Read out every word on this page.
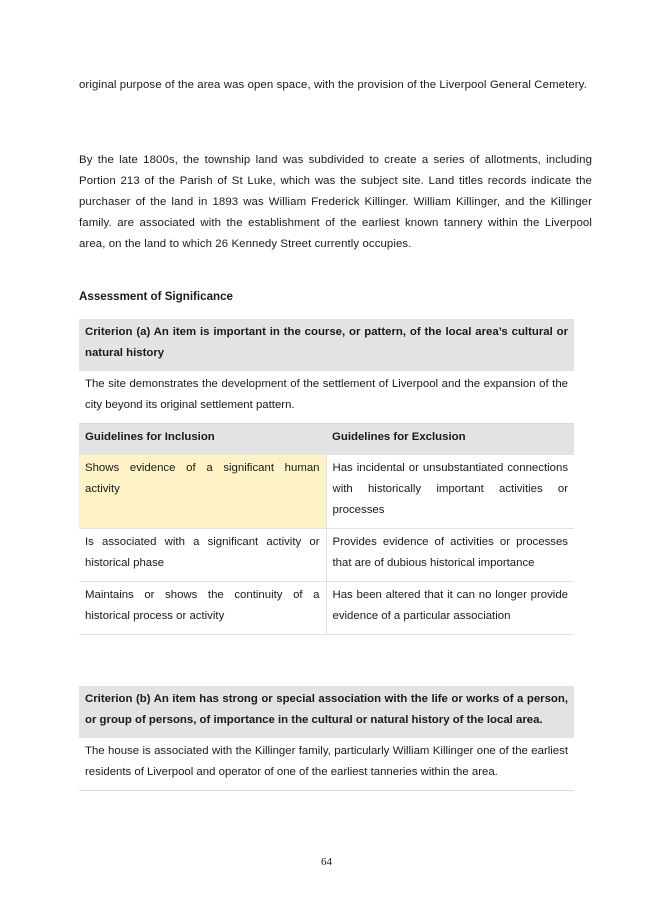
original purpose of the area was open space, with the provision of the Liverpool General Cemetery.

By the late 1800s, the township land was subdivided to create a series of allotments, including Portion 213 of the Parish of St Luke, which was the subject site. Land titles records indicate the purchaser of the land in 1893 was William Frederick Killinger. William Killinger, and the Killinger family. are associated with the establishment of the earliest known tannery within the Liverpool area, on the land to which 26 Kennedy Street currently occupies.

Assessment of Significance
Criterion (a) An item is important in the course, or pattern, of the local area’s cultural or natural history	
The site demonstrates the development of the settlement of Liverpool and the expansion of the city beyond its original settlement pattern.	
Guidelines for Inclusion	Guidelines for Exclusion
Shows evidence of a significant human activity	Has incidental or unsubstantiated connections with historically important activities or processes
Is associated with a significant activity or historical phase	Provides evidence of activities or processes that are of dubious historical importance
Maintains or shows the continuity of a historical process or activity	Has been altered that it can no longer provide evidence of a particular association
Criterion (b) An item has strong or special association with the life or works of a person, or group of persons, of importance in the cultural or natural history of the local area.
The house is associated with the Killinger family, particularly William Killinger one of the earliest residents of Liverpool and operator of one of the earliest tanneries within the area.
64
